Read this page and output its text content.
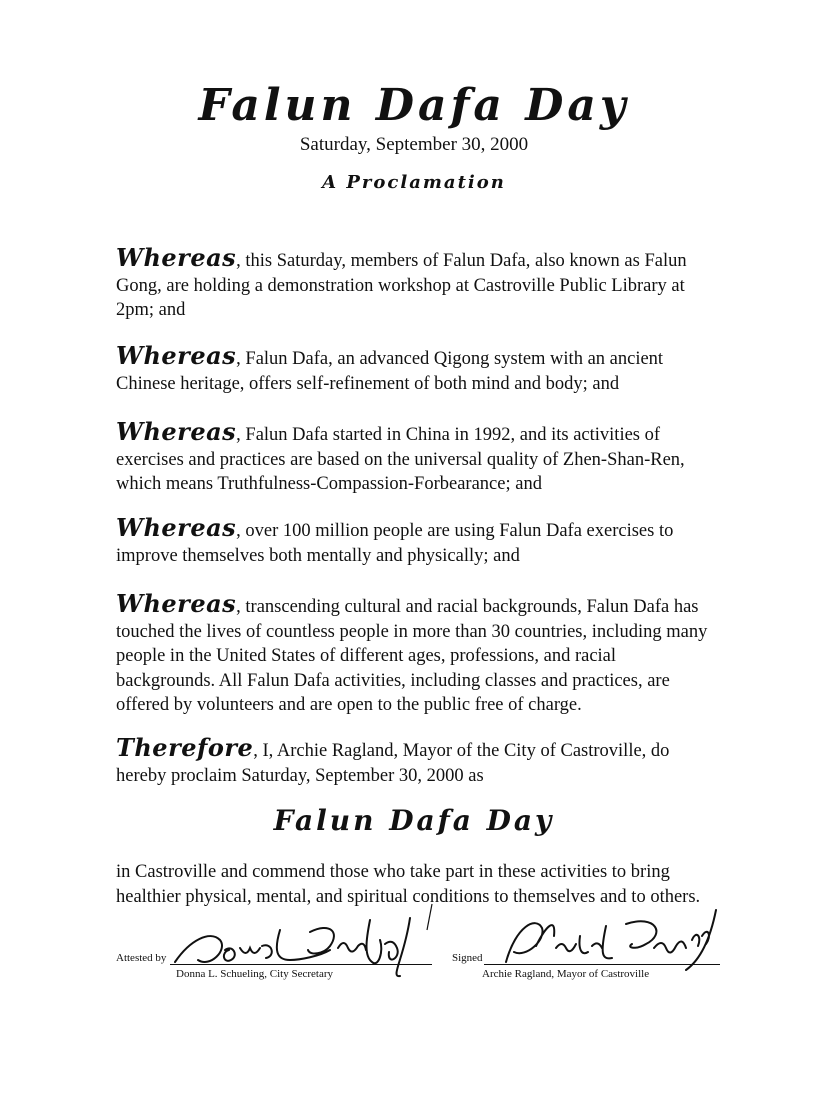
Falun Dafa Day
Saturday, September 30, 2000
A Proclamation
Whereas, this Saturday, members of Falun Dafa, also known as Falun Gong, are holding a demonstration workshop at Castroville Public Library at 2pm; and
Whereas, Falun Dafa, an advanced Qigong system with an ancient Chinese heritage, offers self-refinement of both mind and body; and
Whereas, Falun Dafa started in China in 1992, and its activities of exercises and practices are based on the universal quality of Zhen-Shan-Ren, which means Truthfulness-Compassion-Forbearance; and
Whereas, over 100 million people are using Falun Dafa exercises to improve themselves both mentally and physically; and
Whereas, transcending cultural and racial backgrounds, Falun Dafa has touched the lives of countless people in more than 30 countries, including many people in the United States of different ages, professions, and racial backgrounds. All Falun Dafa activities, including classes and practices, are offered by volunteers and are open to the public free of charge.
Therefore, I, Archie Ragland, Mayor of the City of Castroville, do hereby proclaim Saturday, September 30, 2000 as
Falun Dafa Day
in Castroville and commend those who take part in these activities to bring healthier physical, mental, and spiritual conditions to themselves and to others.
Attested by
Donna L. Schueling, City Secretary
Signed
Archie Ragland, Mayor of Castroville
